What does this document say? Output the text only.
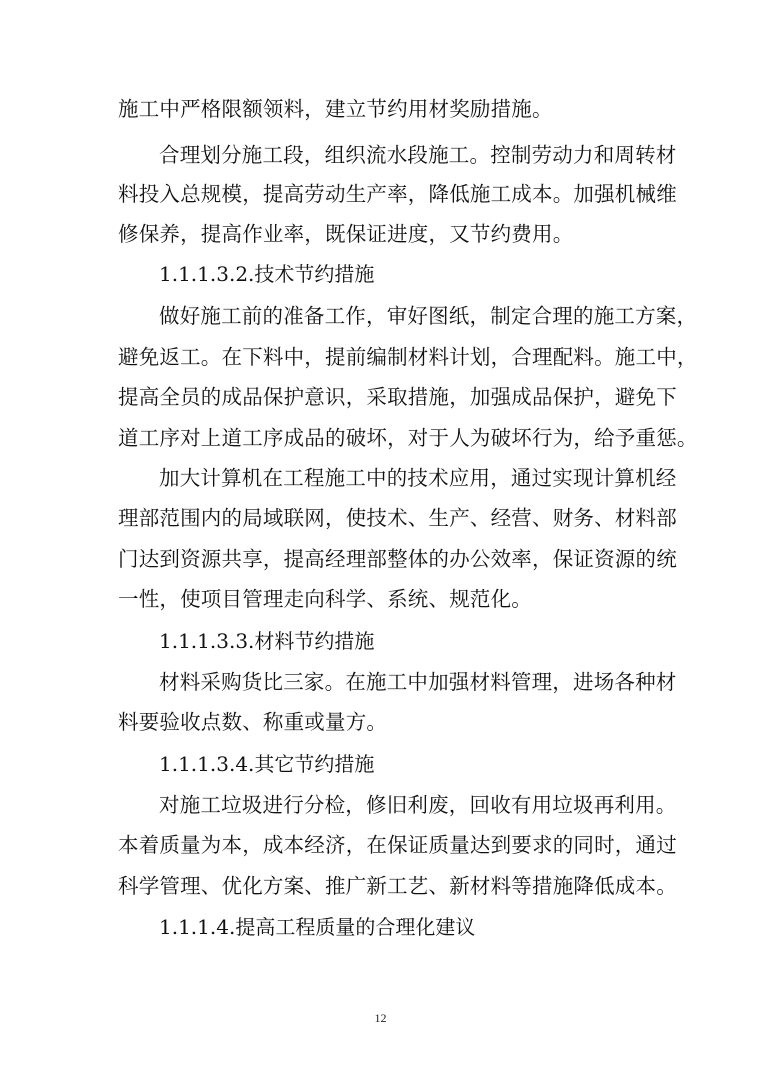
施工中严格限额领料，建立节约用材奖励措施。
合理划分施工段，组织流水段施工。控制劳动力和周转材
料投入总规模，提高劳动生产率，降低施工成本。加强机械维
修保养，提高作业率，既保证进度，又节约费用。
1.1.1.3.2.技术节约措施
做好施工前的准备工作，审好图纸，制定合理的施工方案，
避免返工。在下料中，提前编制材料计划，合理配料。施工中，
提高全员的成品保护意识，采取措施，加强成品保护，避免下
道工序对上道工序成品的破坏，对于人为破坏行为，给予重惩。
加大计算机在工程施工中的技术应用，通过实现计算机经
理部范围内的局域联网，使技术、生产、经营、财务、材料部
门达到资源共享，提高经理部整体的办公效率，保证资源的统
一性，使项目管理走向科学、系统、规范化。
1.1.1.3.3.材料节约措施
材料采购货比三家。在施工中加强材料管理，进场各种材
料要验收点数、称重或量方。
1.1.1.3.4.其它节约措施
对施工垃圾进行分检，修旧利废，回收有用垃圾再利用。
本着质量为本，成本经济，在保证质量达到要求的同时，通过
科学管理、优化方案、推广新工艺、新材料等措施降低成本。
1.1.1.4.提高工程质量的合理化建议
12
